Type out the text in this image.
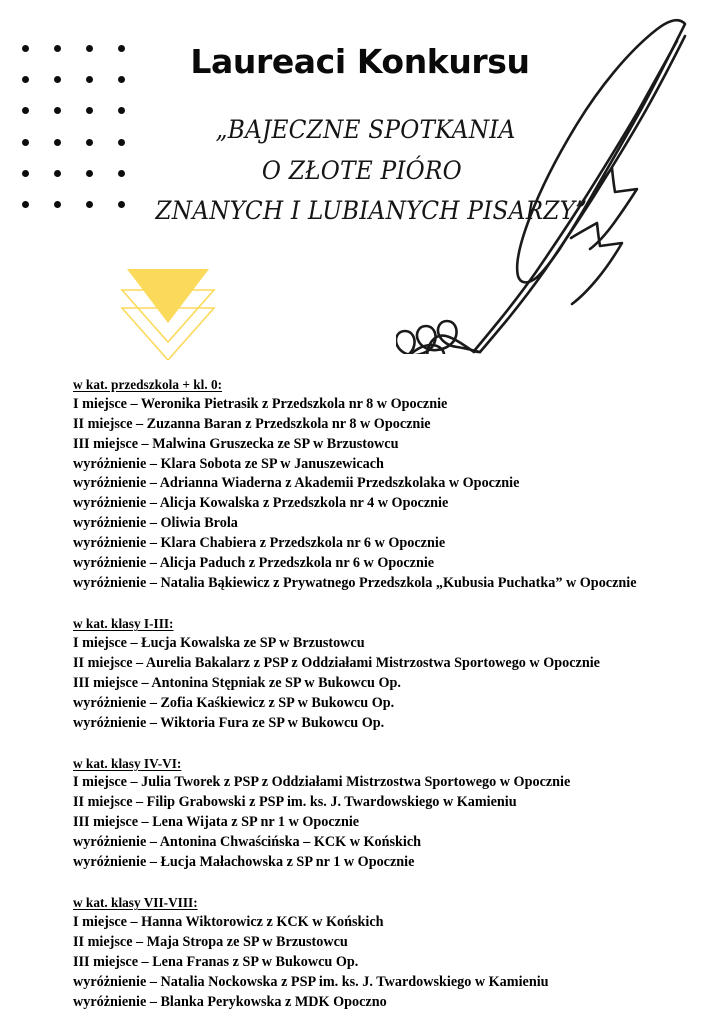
Laureaci Konkursu
„BAJECZNE SPOTKANIA
O ZŁOTE PIÓRO
ZNANYCH I LUBIANYCH PISARZY”
w kat. przedszkola + kl. 0:
I miejsce – Weronika Pietrasik z Przedszkola nr 8 w Opocznie
II miejsce – Zuzanna Baran z Przedszkola nr 8 w Opocznie
III miejsce – Malwina Gruszecka ze SP w Brzustowcu
wyróżnienie – Klara Sobota ze SP w Januszewicach
wyróżnienie – Adrianna Wiaderna z Akademii Przedszkolaka w Opocznie
wyróżnienie – Alicja Kowalska z Przedszkola nr 4 w Opocznie
wyróżnienie – Oliwia Brola
wyróżnienie – Klara Chabiera z Przedszkola nr 6 w Opocznie
wyróżnienie – Alicja Paduch z Przedszkola nr 6 w Opocznie
wyróżnienie – Natalia Bąkiewicz z Prywatnego Przedszkola „Kubusia Puchatka” w Opocznie
w kat. klasy I-III:
I miejsce – Łucja Kowalska ze SP w Brzustowcu
II miejsce – Aurelia Bakalarz z PSP z Oddziałami Mistrzostwa Sportowego w Opocznie
III miejsce – Antonina Stępniak ze SP w Bukowcu Op.
wyróżnienie – Zofia Kaśkiewicz z SP w Bukowcu Op.
wyróżnienie – Wiktoria Fura ze SP w Bukowcu Op.
w kat. klasy IV-VI:
I miejsce – Julia Tworek z PSP z Oddziałami Mistrzostwa Sportowego w Opocznie
II miejsce – Filip Grabowski z PSP im. ks. J. Twardowskiego w Kamieniu
III miejsce – Lena Wijata z SP nr 1 w Opocznie
wyróżnienie – Antonina Chwaścińska – KCK w Końskich
wyróżnienie – Łucja Małachowska z SP nr 1 w Opocznie
w kat. klasy VII-VIII:
I miejsce – Hanna Wiktorowicz z KCK w Końskich
II miejsce – Maja Stropa ze SP w Brzustowcu
III miejsce – Lena Franas z SP w Bukowcu Op.
wyróżnienie – Natalia Nockowska z PSP im. ks. J. Twardowskiego w Kamieniu
wyróżnienie – Blanka Perykowska z MDK Opoczno
